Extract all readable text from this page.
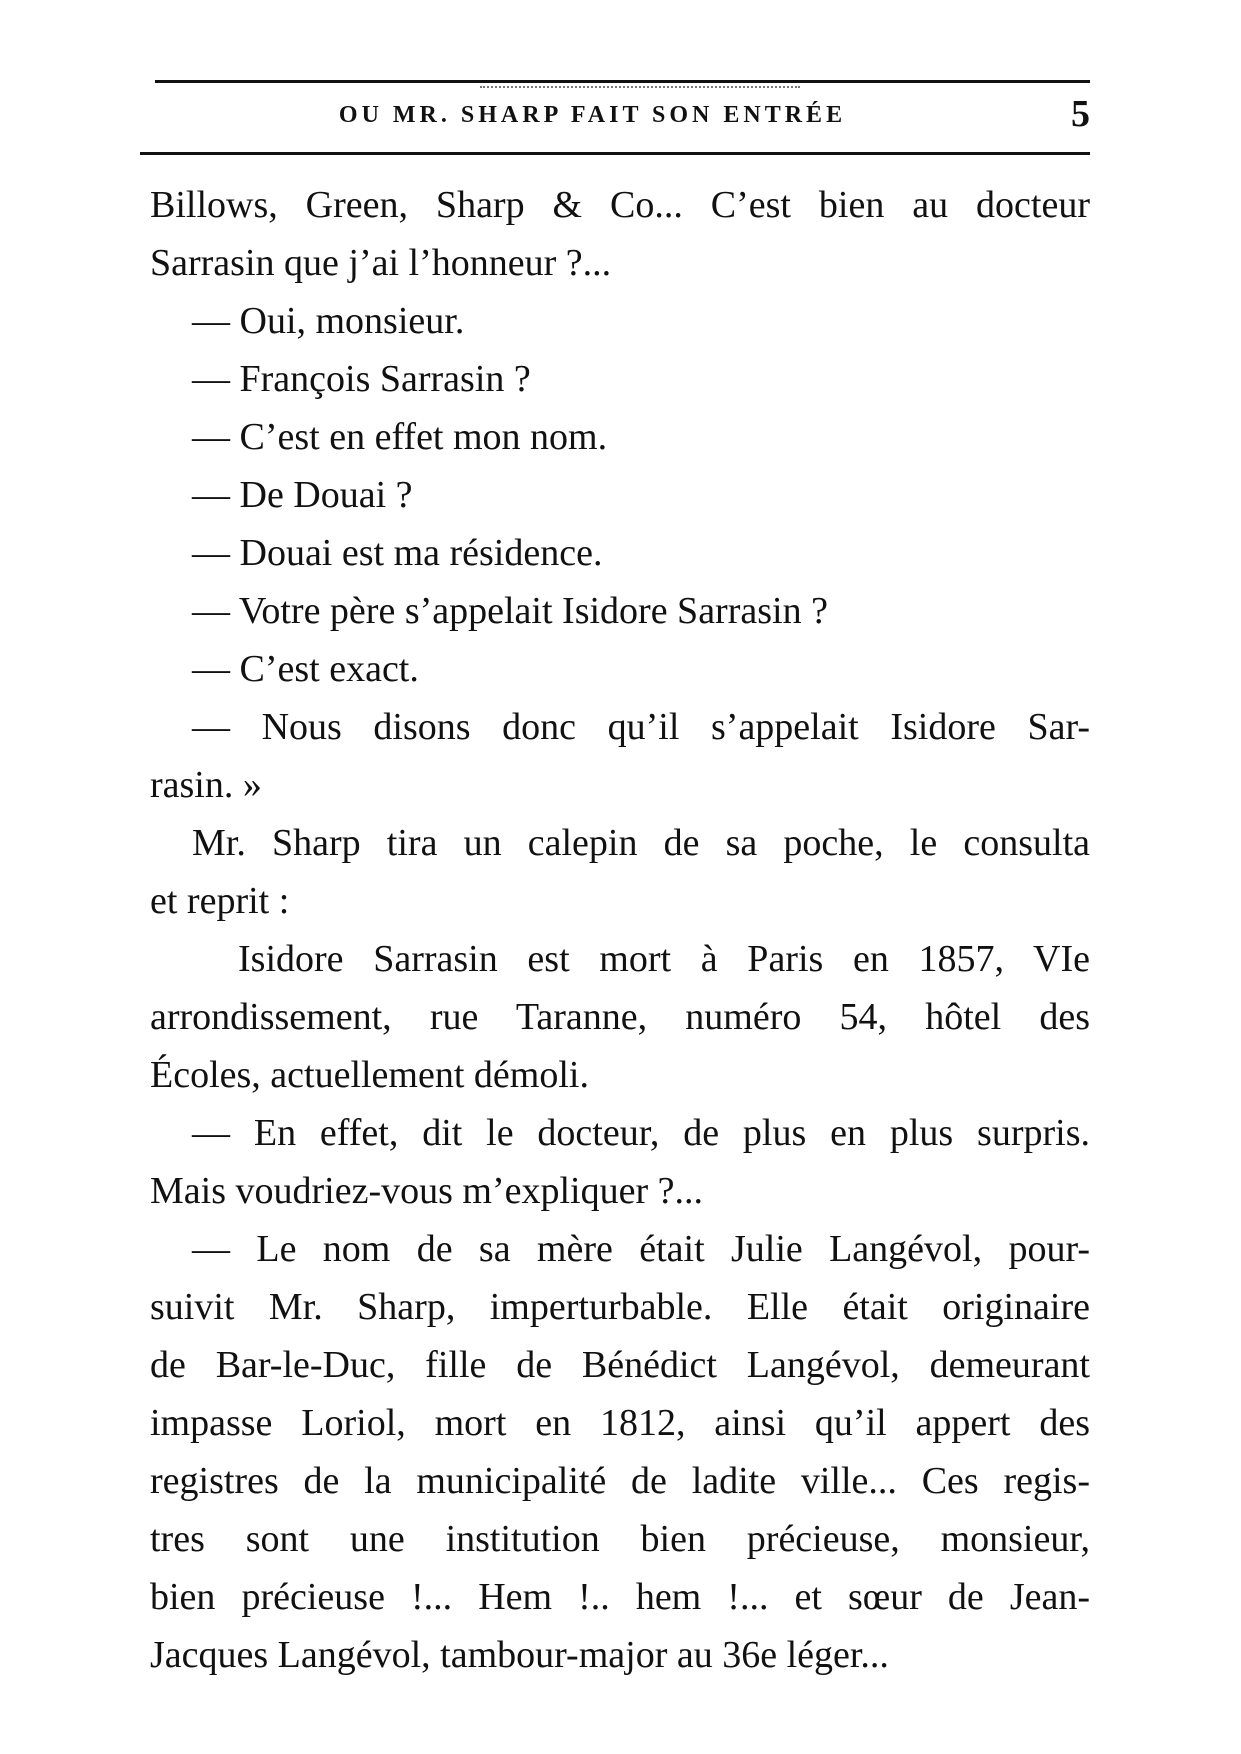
OU MR. SHARP FAIT SON ENTRÉE	5
Billows, Green, Sharp & Co... C’est bien au docteur
Sarrasin que j’ai l’honneur ?...
— Oui, monsieur.
— François Sarrasin ?
— C’est en effet mon nom.
— De Douai ?
— Douai est ma résidence.
— Votre père s’appelait Isidore Sarrasin ?
— C’est exact.
— Nous disons donc qu’il s’appelait Isidore Sar-
rasin. »
Mr. Sharp tira un calepin de sa poche, le consulta
et reprit :
Isidore Sarrasin est mort à Paris en 1857, VIe
arrondissement, rue Taranne, numéro 54, hôtel des
Écoles, actuellement démoli.
— En effet, dit le docteur, de plus en plus surpris.
Mais voudriez-vous m’expliquer ?...
— Le nom de sa mère était Julie Langévol, pour-
suivit Mr. Sharp, imperturbable. Elle était originaire
de Bar-le-Duc, fille de Bénédict Langévol, demeurant
impasse Loriol, mort en 1812, ainsi qu’il appert des
registres de la municipalité de ladite ville... Ces regis-
tres sont une institution bien précieuse, monsieur,
bien précieuse !... Hem !.. hem !... et sœur de Jean-
Jacques Langévol, tambour-major au 36e léger...
